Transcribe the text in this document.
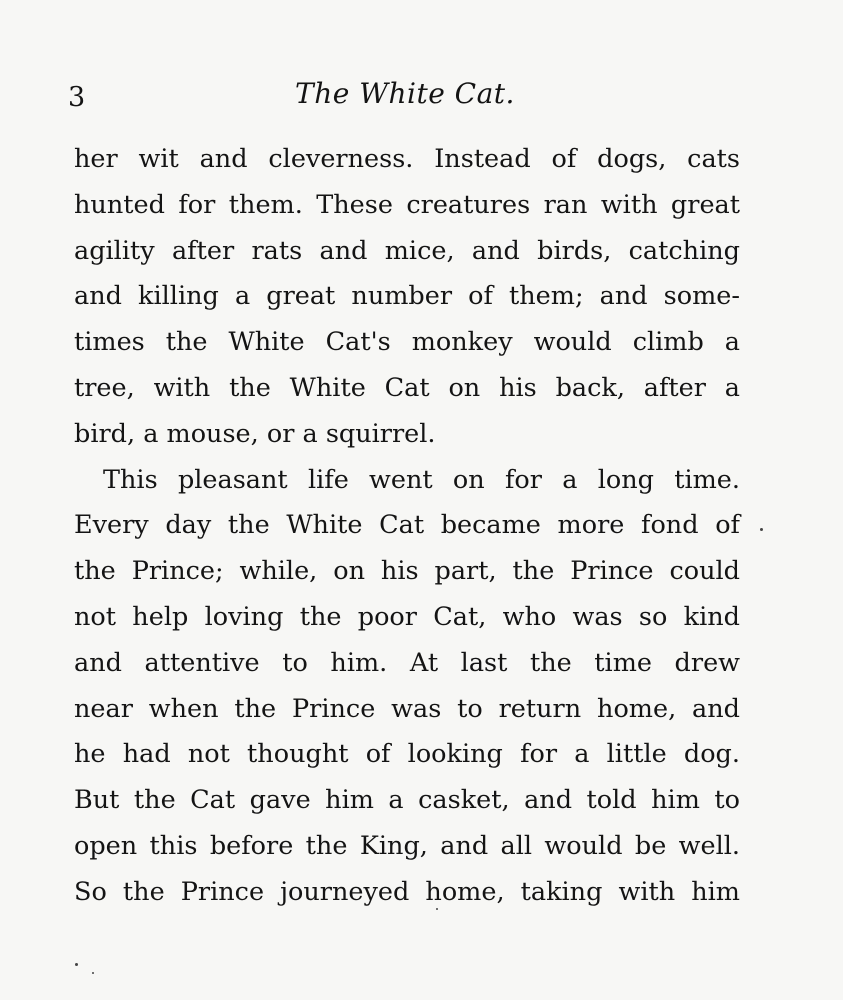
3	The White Cat.
her wit and cleverness. Instead of dogs, cats
hunted for them. These creatures ran with great
agility after rats and mice, and birds, catching
and killing a great number of them; and some-
times the White Cat's monkey would climb a
tree, with the White Cat on his back, after a
bird, a mouse, or a squirrel.
This pleasant life went on for a long time.
Every day the White Cat became more fond of
the Prince; while, on his part, the Prince could
not help loving the poor Cat, who was so kind
and attentive to him. At last the time drew
near when the Prince was to return home, and
he had not thought of looking for a little dog.
But the Cat gave him a casket, and told him to
open this before the King, and all would be well.
So the Prince journeyed home, taking with him
